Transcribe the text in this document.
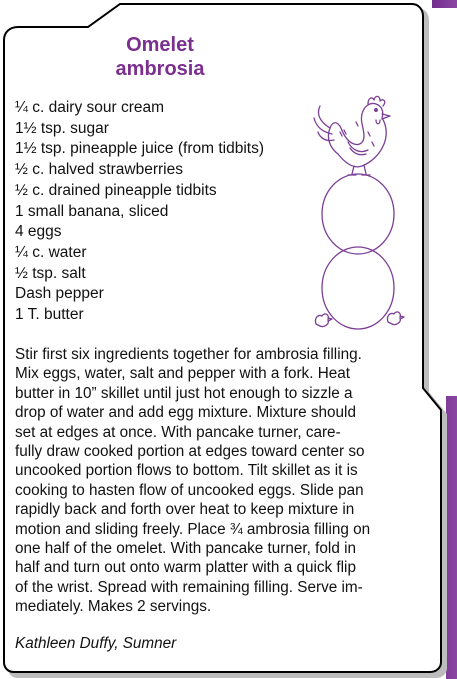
Omelet
ambrosia
¼ c. dairy sour cream
1½ tsp. sugar
1½ tsp. pineapple juice (from tidbits)
½ c. halved strawberries
½ c. drained pineapple tidbits
1 small banana, sliced
4 eggs
¼ c. water
½ tsp. salt
Dash pepper
1 T. butter

Stir first six ingredients together for ambrosia filling.
Mix eggs, water, salt and pepper with a fork. Heat
butter in 10” skillet until just hot enough to sizzle a
drop of water and add egg mixture. Mixture should
set at edges at once. With pancake turner, care-
fully draw cooked portion at edges toward center so
uncooked portion flows to bottom. Tilt skillet as it is
cooking to hasten flow of uncooked eggs. Slide pan
rapidly back and forth over heat to keep mixture in
motion and sliding freely. Place ¾ ambrosia filling on
one half of the omelet. With pancake turner, fold in
half and turn out onto warm platter with a quick flip
of the wrist. Spread with remaining filling. Serve im-
mediately. Makes 2 servings.

Kathleen Duffy, Sumner
